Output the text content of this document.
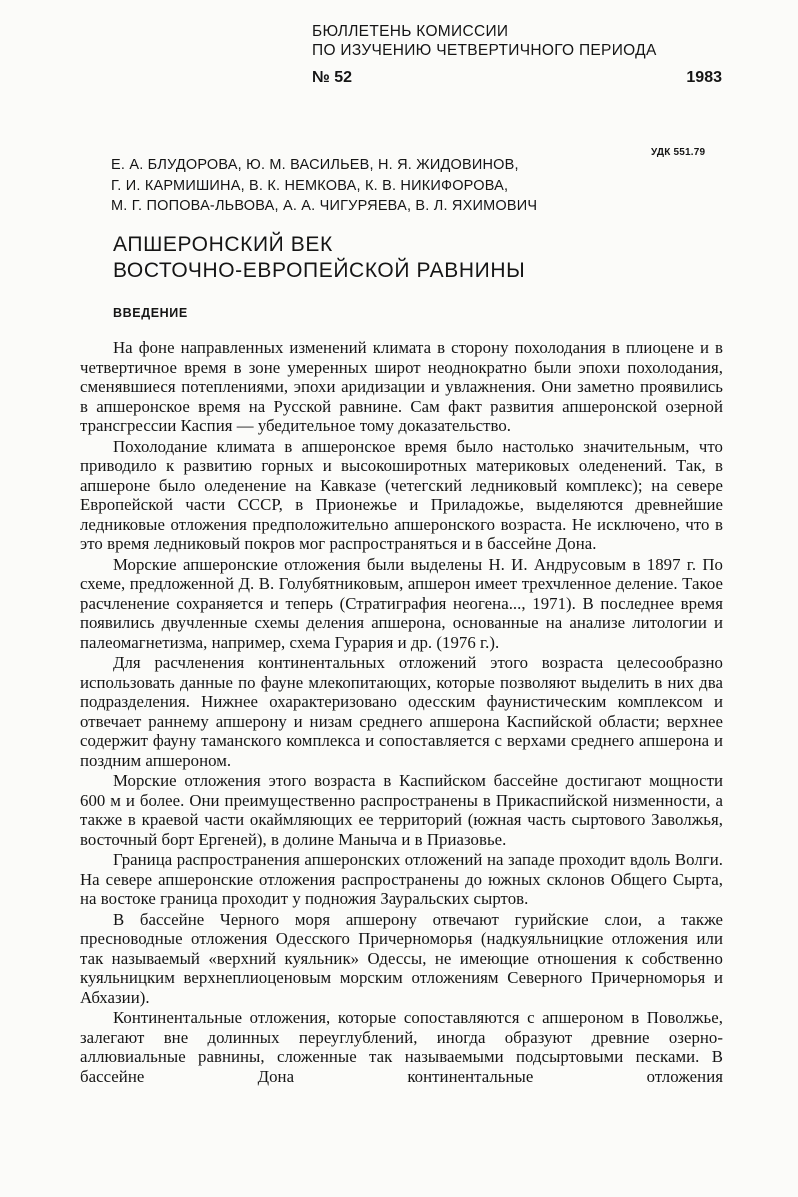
БЮЛЛЕТЕНЬ КОМИССИИ
ПО ИЗУЧЕНИЮ ЧЕТВЕРТИЧНОГО ПЕРИОДА
№ 52	1983
УДК 551.79
Е. А. БЛУДОРОВА, Ю. М. ВАСИЛЬЕВ, Н. Я. ЖИДОВИНОВ,
Г. И. КАРМИШИНА, В. К. НЕМКОВА, К. В. НИКИФОРОВА,
М. Г. ПОПОВА-ЛЬВОВА, А. А. ЧИГУРЯЕВА, В. Л. ЯХИМОВИЧ
АПШЕРОНСКИЙ ВЕК
ВОСТОЧНО-ЕВРОПЕЙСКОЙ РАВНИНЫ
ВВЕДЕНИЕ

На фоне направленных изменений климата в сторону похолодания в плиоцене и в четвертичное время в зоне умеренных широт неоднократно были эпохи похолодания, сменявшиеся потеплениями, эпохи аридизации и увлажнения. Они заметно проявились в апшеронское время на Русской равнине. Сам факт развития апшеронской озерной трансгрессии Каспия — убедительное тому доказательство.

Похолодание климата в апшеронское время было настолько значительным, что приводило к развитию горных и высокоширотных материковых оледенений. Так, в апшероне было оледенение на Кавказе (четегский ледниковый комплекс); на севере Европейской части СССР, в Прионежье и Приладожье, выделяются древнейшие ледниковые отложения предположительно апшеронского возраста. Не исключено, что в это время ледниковый покров мог распространяться и в бассейне Дона.

Морские апшеронские отложения были выделены Н. И. Андрусовым в 1897 г. По схеме, предложенной Д. В. Голубятниковым, апшерон имеет трехчленное деление. Такое расчленение сохраняется и теперь (Стратиграфия неогена..., 1971). В последнее время появились двучленные схемы деления апшерона, основанные на анализе литологии и палеомагнетизма, например, схема Гурария и др. (1976 г.).

Для расчленения континентальных отложений этого возраста целесообразно использовать данные по фауне млекопитающих, которые позволяют выделить в них два подразделения. Нижнее охарактеризовано одесским фаунистическим комплексом и отвечает раннему апшерону и низам среднего апшерона Каспийской области; верхнее содержит фауну таманского комплекса и сопоставляется с верхами среднего апшерона и поздним апшероном.

Морские отложения этого возраста в Каспийском бассейне достигают мощности 600 м и более. Они преимущественно распространены в Прикаспийской низменности, а также в краевой части окаймляющих ее территорий (южная часть сыртового Заволжья, восточный борт Ергеней), в долине Маныча и в Приазовье.

Граница распространения апшеронских отложений на западе проходит вдоль Волги. На севере апшеронские отложения распространены до южных склонов Общего Сырта, на востоке граница проходит у подножия Зауральских сыртов.

В бассейне Черного моря апшерону отвечают гурийские слои, а также пресноводные отложения Одесского Причерноморья (надкуяльницкие отложения или так называемый «верхний куяльник» Одессы, не имеющие отношения к собственно куяльницким верхнеплиоценовым морским отложениям Северного Причерноморья и Абхазии).

Континентальные отложения, которые сопоставляются с апшероном в Поволжье, залегают вне долинных переуглублений, иногда образуют древние озерно-аллювиальные равнины, сложенные так называемыми подсыртовыми песками. В бассейне Дона континентальные отложения
